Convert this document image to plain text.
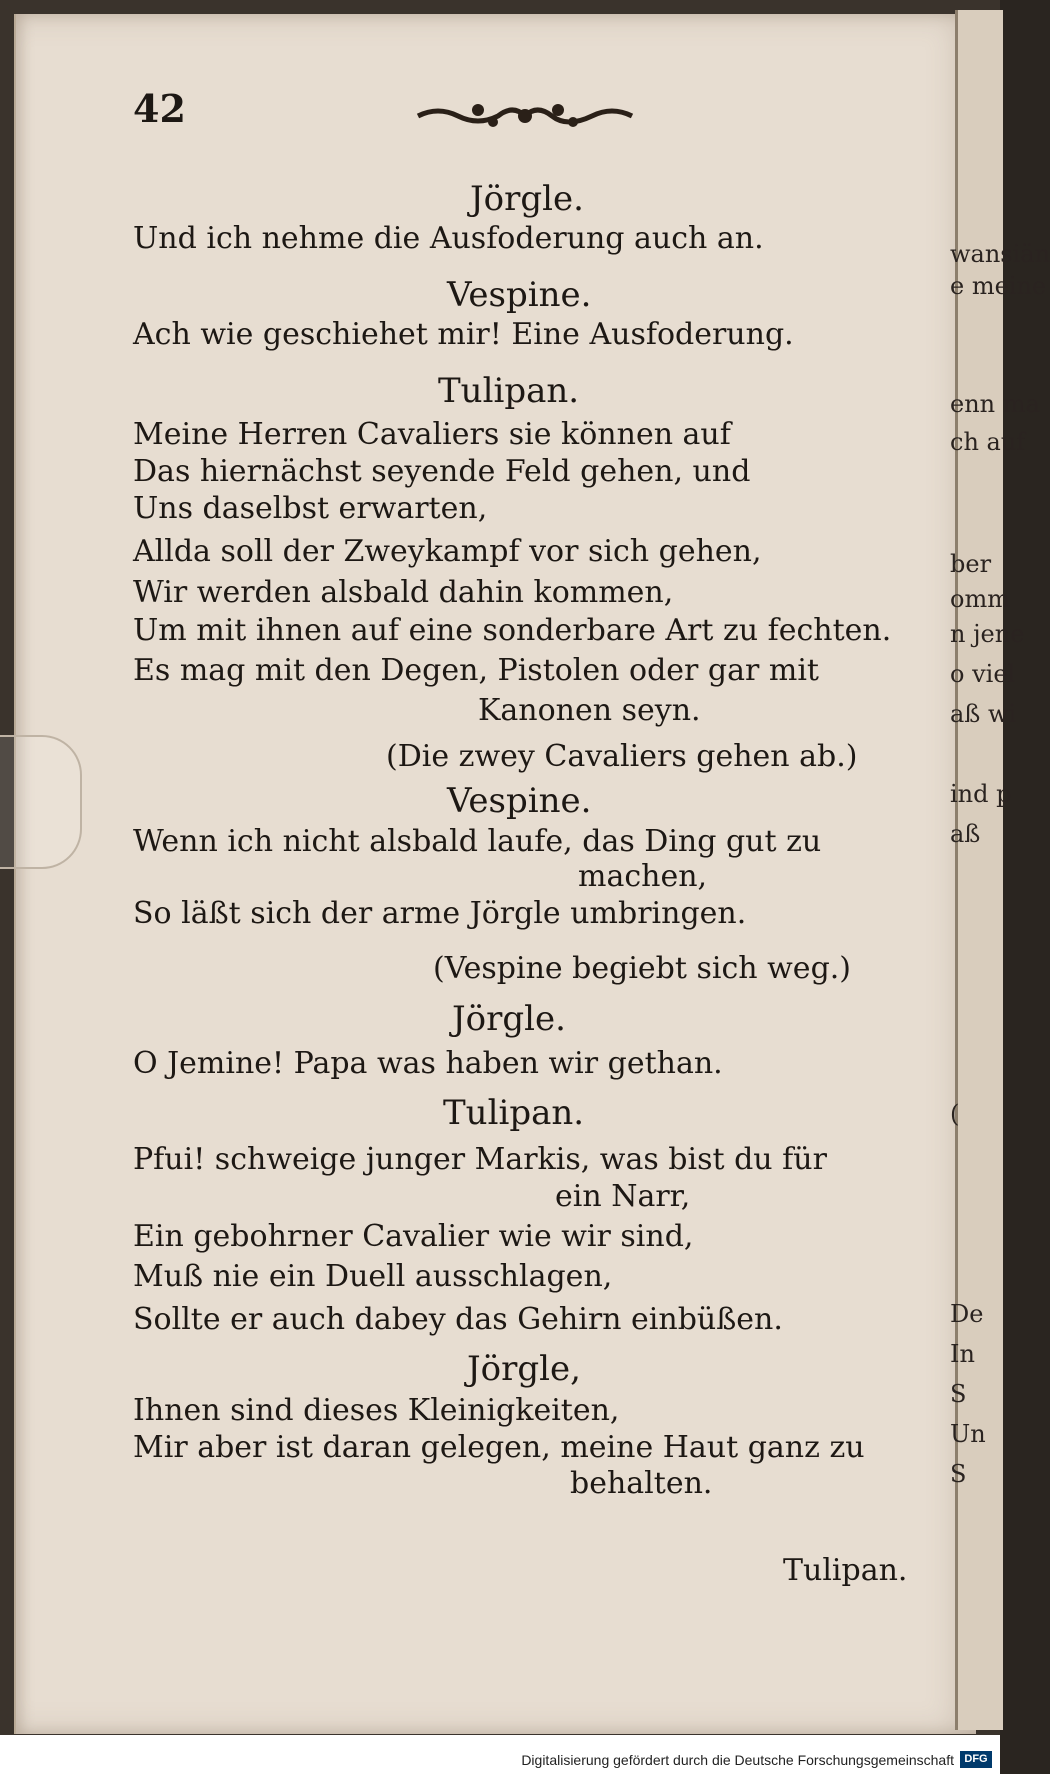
42
Jörgle.
Und ich nehme die Ausfoderung auch an.
Vespine.
Ach wie geschiehet mir! Eine Ausfoderung.
Tulipan.
Meine Herren Cavaliers sie können auf
Das hiernächst seyende Feld gehen, und
Uns daselbst erwarten,
Allda soll der Zweykampf vor sich gehen,
Wir werden alsbald dahin kommen,
Um mit ihnen auf eine sonderbare Art zu fechten.
Es mag mit den Degen, Pistolen oder gar mit
Kanonen seyn.
(Die zwey Cavaliers gehen ab.)
Vespine.
Wenn ich nicht alsbald laufe, das Ding gut zu
machen,
So läßt sich der arme Jörgle umbringen.
(Vespine begiebt sich weg.)
Jörgle.
O Jemine! Papa was haben wir gethan.
Tulipan.
Pfui! schweige junger Markis, was bist du für
ein Narr,
Ein gebohrner Cavalier wie wir sind,
Muß nie ein Duell ausschlagen,
Sollte er auch dabey das Gehirn einbüßen.
Jörgle,
Ihnen sind dieses Kleinigkeiten,
Mir aber ist daran gelegen, meine Haut ganz zu
behalten.
Tulipan.
wansiän
e meine
enn ma
ch auf
ber
omm
n jene
o viel
aß wi
ind p
aß
(
De
In
S
Un
S
Digitalisierung gefördert durch die Deutsche Forschungsgemeinschaft DFG
